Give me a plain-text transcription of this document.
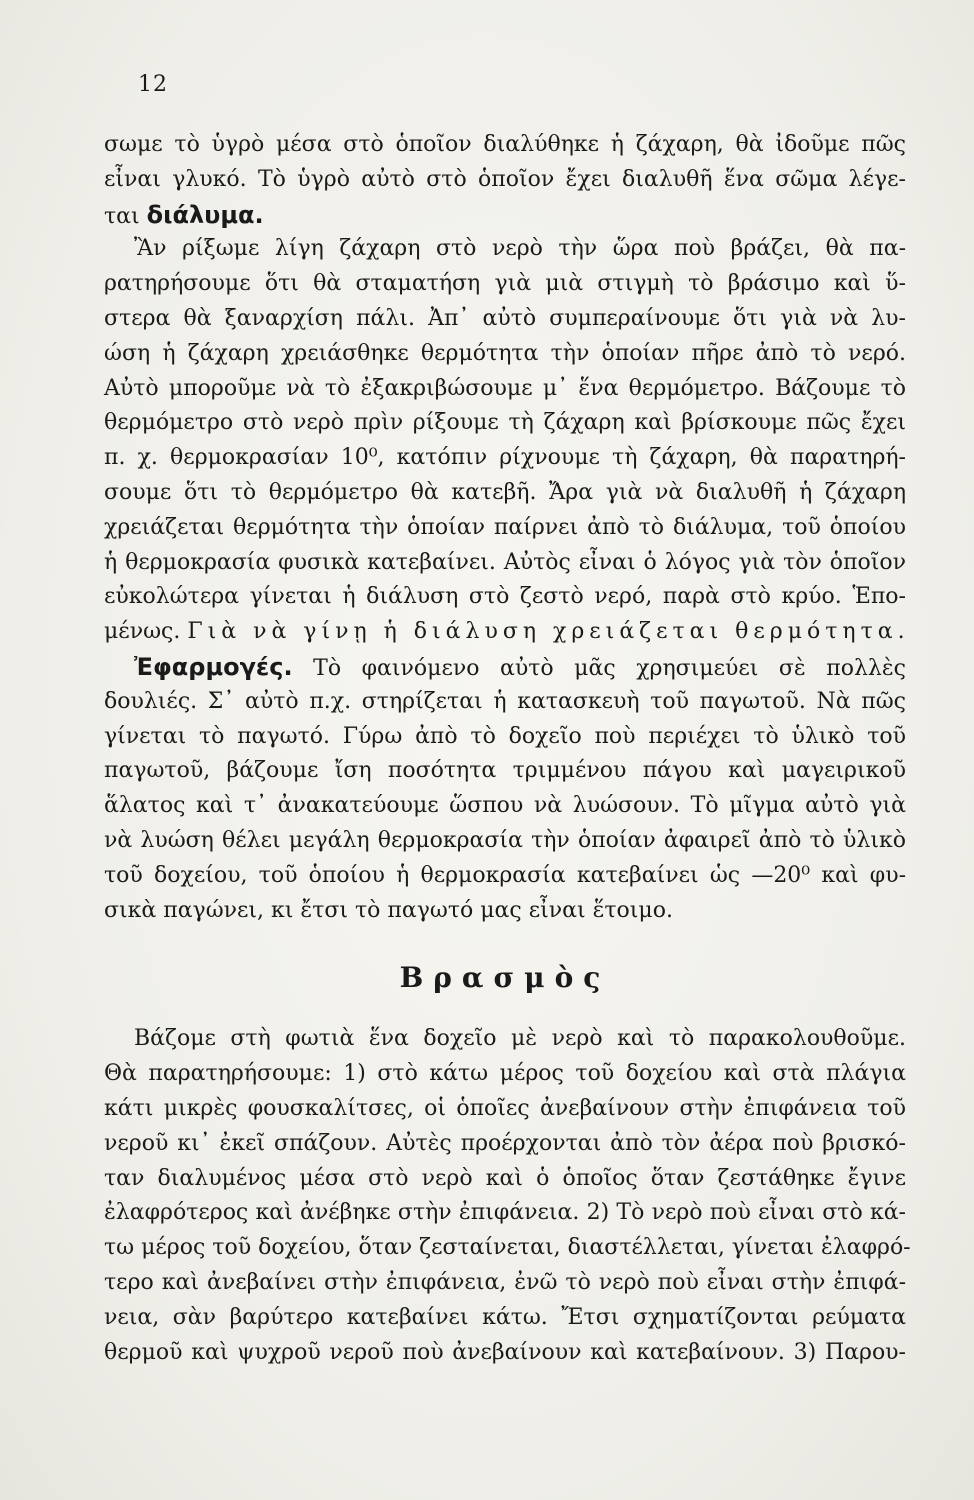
12
σωμε τὸ ὑγρὸ μέσα στὸ ὁποῖον διαλύθηκε ἡ ζάχαρη, θὰ ἰδοῦμε πῶς
εἶναι γλυκό. Τὸ ὑγρὸ αὐτὸ στὸ ὁποῖον ἔχει διαλυθῆ ἕνα σῶμα λέγε-
ται διάλυμα.
Ἂν ρίξωμε λίγη ζάχαρη στὸ νερὸ τὴν ὥρα ποὺ βράζει, θὰ πα-
ρατηρήσουμε ὅτι θὰ σταματήση γιὰ μιὰ στιγμὴ τὸ βράσιμο καὶ ὕ-
στερα θὰ ξαναρχίση πάλι. Ἀπ᾽ αὐτὸ συμπεραίνουμε ὅτι γιὰ νὰ λυ-
ώση ἡ ζάχαρη χρειάσθηκε θερμότητα τὴν ὁποίαν πῆρε ἀπὸ τὸ νερό.
Αὐτὸ μποροῦμε νὰ τὸ ἐξακριβώσουμε μ᾽ ἕνα θερμόμετρο. Βάζουμε τὸ
θερμόμετρο στὸ νερὸ πρὶν ρίξουμε τὴ ζάχαρη καὶ βρίσκουμε πῶς ἔχει
π. χ. θερμοκρασίαν 10⁰, κατόπιν ρίχνουμε τὴ ζάχαρη, θὰ παρατηρή-
σουμε ὅτι τὸ θερμόμετρο θὰ κατεβῆ. Ἄρα γιὰ νὰ διαλυθῆ ἡ ζάχαρη
χρειάζεται θερμότητα τὴν ὁποίαν παίρνει ἀπὸ τὸ διάλυμα, τοῦ ὁποίου
ἡ θερμοκρασία φυσικὰ κατεβαίνει. Αὐτὸς εἶναι ὁ λόγος γιὰ τὸν ὁποῖον
εὐκολώτερα γίνεται ἡ διάλυση στὸ ζεστὸ νερό, παρὰ στὸ κρύο. Ἑπο-
μένως. Γιὰ νὰ γίνῃ ἡ διάλυση χρειάζεται θερμότητα.
Ἐφαρμογές. Τὸ φαινόμενο αὐτὸ μᾶς χρησιμεύει σὲ πολλὲς
δουλιές. Σ᾽ αὐτὸ π.χ. στηρίζεται ἡ κατασκευὴ τοῦ παγωτοῦ. Νὰ πῶς
γίνεται τὸ παγωτό. Γύρω ἀπὸ τὸ δοχεῖο ποὺ περιέχει τὸ ὑλικὸ τοῦ
παγωτοῦ, βάζουμε ἴση ποσότητα τριμμένου πάγου καὶ μαγειρικοῦ
ἅλατος καὶ τ᾽ ἀνακατεύουμε ὥσπου νὰ λυώσουν. Τὸ μῖγμα αὐτὸ γιὰ
νὰ λυώση θέλει μεγάλη θερμοκρασία τὴν ὁποίαν ἀφαιρεῖ ἀπὸ τὸ ὑλικὸ
τοῦ δοχείου, τοῦ ὁποίου ἡ θερμοκρασία κατεβαίνει ὡς —20⁰ καὶ φυ-
σικὰ παγώνει, κι ἔτσι τὸ παγωτό μας εἶναι ἕτοιμο.
Βρασμὸς
Βάζομε στὴ φωτιὰ ἕνα δοχεῖο μὲ νερὸ καὶ τὸ παρακολουθοῦμε.
Θὰ παρατηρήσουμε: 1) στὸ κάτω μέρος τοῦ δοχείου καὶ στὰ πλάγια
κάτι μικρὲς φουσκαλίτσες, οἱ ὁποῖες ἀνεβαίνουν στὴν ἐπιφάνεια τοῦ
νεροῦ κι᾽ ἐκεῖ σπάζουν. Αὐτὲς προέρχονται ἀπὸ τὸν ἀέρα ποὺ βρισκό-
ταν διαλυμένος μέσα στὸ νερὸ καὶ ὁ ὁποῖος ὅταν ζεστάθηκε ἔγινε
ἐλαφρότερος καὶ ἀνέβηκε στὴν ἐπιφάνεια. 2) Τὸ νερὸ ποὺ εἶναι στὸ κά-
τω μέρος τοῦ δοχείου, ὅταν ζεσταίνεται, διαστέλλεται, γίνεται ἐλαφρό-
τερο καὶ ἀνεβαίνει στὴν ἐπιφάνεια, ἐνῶ τὸ νερὸ ποὺ εἶναι στὴν ἐπιφά-
νεια, σὰν βαρύτερο κατεβαίνει κάτω. Ἔτσι σχηματίζονται ρεύματα
θερμοῦ καὶ ψυχροῦ νεροῦ ποὺ ἀνεβαίνουν καὶ κατεβαίνουν. 3) Παρου-
